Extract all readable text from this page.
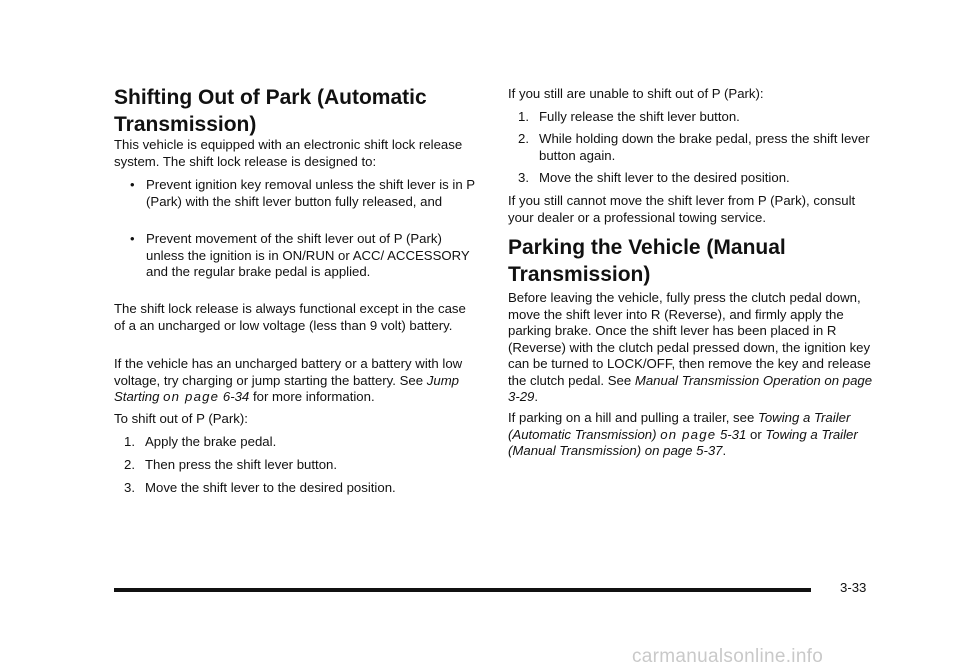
Shifting Out of Park (Automatic Transmission)

This vehicle is equipped with an electronic shift lock release system. The shift lock release is designed to:

• Prevent ignition key removal unless the shift lever is in P (Park) with the shift lever button fully released, and
• Prevent movement of the shift lever out of P (Park) unless the ignition is in ON/RUN or ACC/ ACCESSORY and the regular brake pedal is applied.

The shift lock release is always functional except in the case of a an uncharged or low voltage (less than 9 volt) battery.

If the vehicle has an uncharged battery or a battery with low voltage, try charging or jump starting the battery. See Jump Starting on page 6-34 for more information.

To shift out of P (Park):

1. Apply the brake pedal.
2. Then press the shift lever button.
3. Move the shift lever to the desired position.

If you still are unable to shift out of P (Park):

1. Fully release the shift lever button.
2. While holding down the brake pedal, press the shift lever button again.
3. Move the shift lever to the desired position.

If you still cannot move the shift lever from P (Park), consult your dealer or a professional towing service.

Parking the Vehicle (Manual Transmission)

Before leaving the vehicle, fully press the clutch pedal down, move the shift lever into R (Reverse), and firmly apply the parking brake. Once the shift lever has been placed in R (Reverse) with the clutch pedal pressed down, the ignition key can be turned to LOCK/OFF, then remove the key and release the clutch pedal. See Manual Transmission Operation on page 3-29.

If parking on a hill and pulling a trailer, see Towing a Trailer (Automatic Transmission) on page 5-31 or Towing a Trailer (Manual Transmission) on page 5-37.

3-33
carmanualsonline.info
